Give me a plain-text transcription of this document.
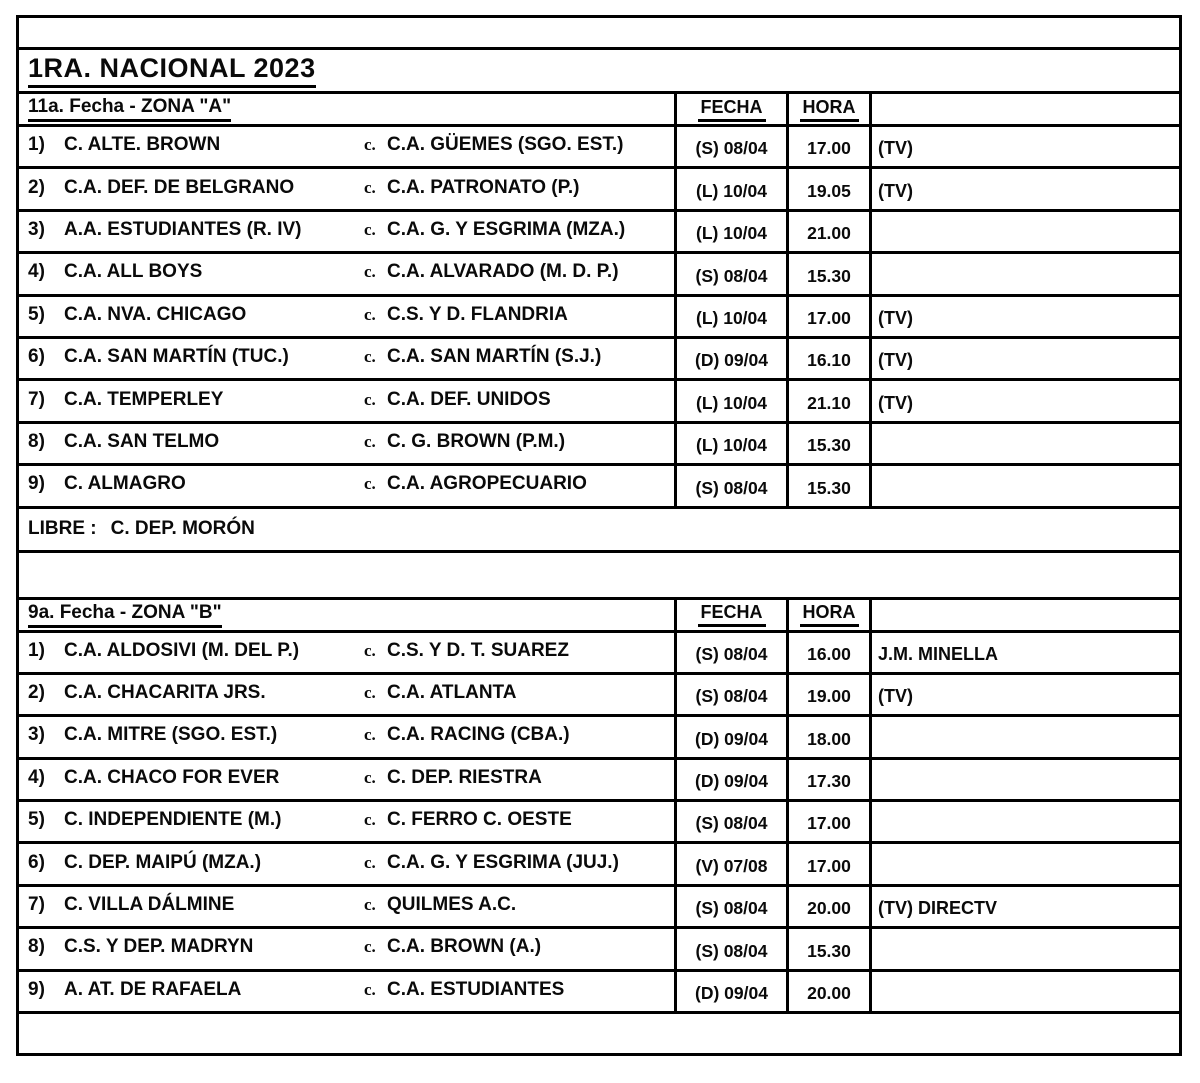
1RA. NACIONAL 2023
11a. Fecha - ZONA "A"	FECHA HORA
1)	C. ALTE. BROWN	c. C.A. GÜEMES (SGO. EST.)	(S) 08/04 17.00 (TV)
2)	C.A. DEF. DE BELGRANO	c. C.A. PATRONATO (P.)	(L) 10/04 19.05 (TV)
3)	A.A. ESTUDIANTES (R. IV)	c. C.A. G. Y ESGRIMA (MZA.)	(L) 10/04 21.00
4)	C.A. ALL BOYS	c. C.A. ALVARADO (M. D. P.)	(S) 08/04 15.30
5)	C.A. NVA. CHICAGO	c. C.S. Y D. FLANDRIA	(L) 10/04 17.00 (TV)
6)	C.A. SAN MARTÍN (TUC.)	c. C.A. SAN MARTÍN (S.J.)	(D) 09/04 16.10 (TV)
7)	C.A. TEMPERLEY	c. C.A. DEF. UNIDOS	(L) 10/04 21.10 (TV)
8)	C.A. SAN TELMO	c. C. G. BROWN (P.M.)	(L) 10/04 15.30
9)	C. ALMAGRO	c. C.A. AGROPECUARIO	(S) 08/04 15.30
LIBRE : C. DEP. MORÓN
9a. Fecha - ZONA "B"	FECHA HORA
1)	C.A. ALDOSIVI (M. DEL P.)	c. C.S. Y D. T. SUAREZ	(S) 08/04 16.00 J.M. MINELLA
2)	C.A. CHACARITA JRS.	c. C.A. ATLANTA	(S) 08/04 19.00 (TV)
3)	C.A. MITRE (SGO. EST.)	c. C.A. RACING (CBA.)	(D) 09/04 18.00
4)	C.A. CHACO FOR EVER	c. C. DEP. RIESTRA	(D) 09/04 17.30
5)	C. INDEPENDIENTE (M.)	c. C. FERRO C. OESTE	(S) 08/04 17.00
6)	C. DEP. MAIPÚ (MZA.)	c. C.A. G. Y ESGRIMA (JUJ.)	(V) 07/08 17.00
7)	C. VILLA DÁLMINE	c. QUILMES A.C.	(S) 08/04 20.00 (TV) DIRECTV
8)	C.S. Y DEP. MADRYN	c. C.A. BROWN (A.)	(S) 08/04 15.30
9)	A. AT. DE RAFAELA	c. C.A. ESTUDIANTES	(D) 09/04 20.00
